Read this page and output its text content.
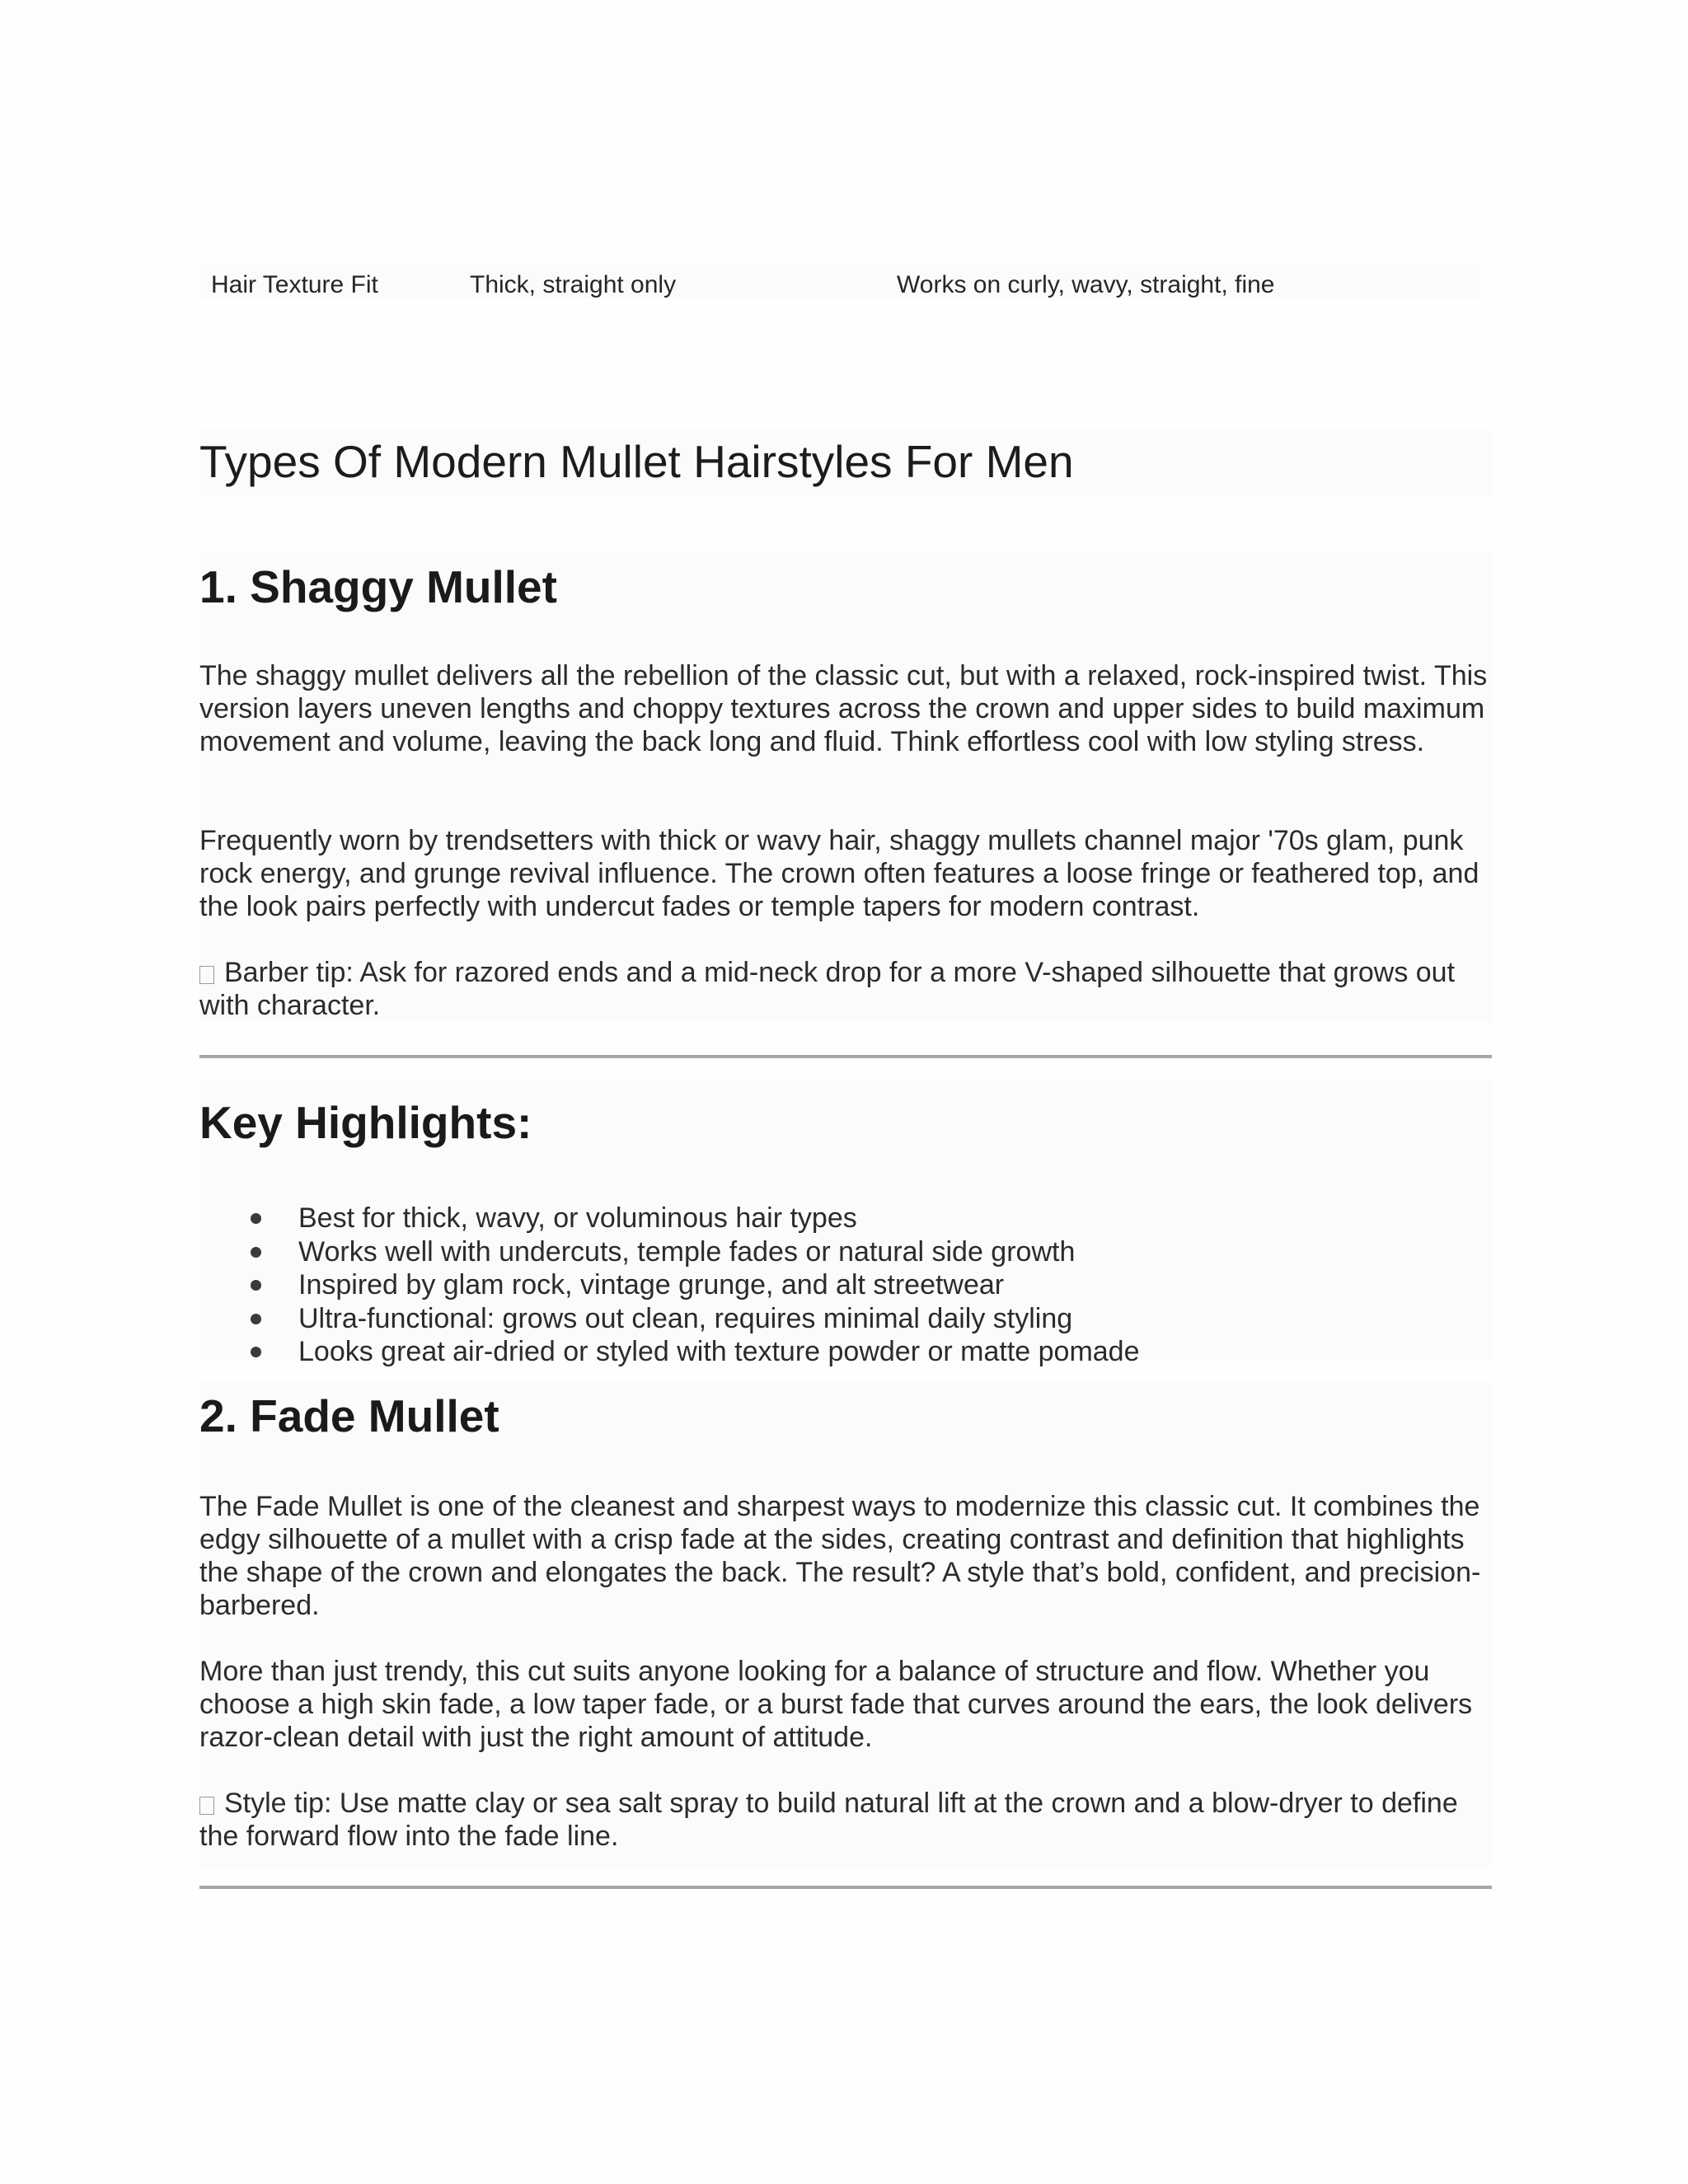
Hair Texture Fit	Thick, straight only	Works on curly, wavy, straight, fine
Types Of Modern Mullet Hairstyles For Men
1. Shaggy Mullet

The shaggy mullet delivers all the rebellion of the classic cut, but with a relaxed, rock-inspired twist. This version layers uneven lengths and choppy textures across the crown and upper sides to build maximum movement and volume, leaving the back long and fluid. Think effortless cool with low styling stress.

Frequently worn by trendsetters with thick or wavy hair, shaggy mullets channel major '70s glam, punk rock energy, and grunge revival influence. The crown often features a loose fringe or feathered top, and the look pairs perfectly with undercut fades or temple tapers for modern contrast.

Barber tip: Ask for razored ends and a mid-neck drop for a more V-shaped silhouette that grows out with character.

Key Highlights:
Best for thick, wavy, or voluminous hair types
Works well with undercuts, temple fades or natural side growth
Inspired by glam rock, vintage grunge, and alt streetwear
Ultra-functional: grows out clean, requires minimal daily styling
Looks great air-dried or styled with texture powder or matte pomade
2. Fade Mullet

The Fade Mullet is one of the cleanest and sharpest ways to modernize this classic cut. It combines the edgy silhouette of a mullet with a crisp fade at the sides, creating contrast and definition that highlights the shape of the crown and elongates the back. The result? A style that’s bold, confident, and precision-barbered.

More than just trendy, this cut suits anyone looking for a balance of structure and flow. Whether you choose a high skin fade, a low taper fade, or a burst fade that curves around the ears, the look delivers razor-clean detail with just the right amount of attitude.

Style tip: Use matte clay or sea salt spray to build natural lift at the crown and a blow-dryer to define the forward flow into the fade line.
